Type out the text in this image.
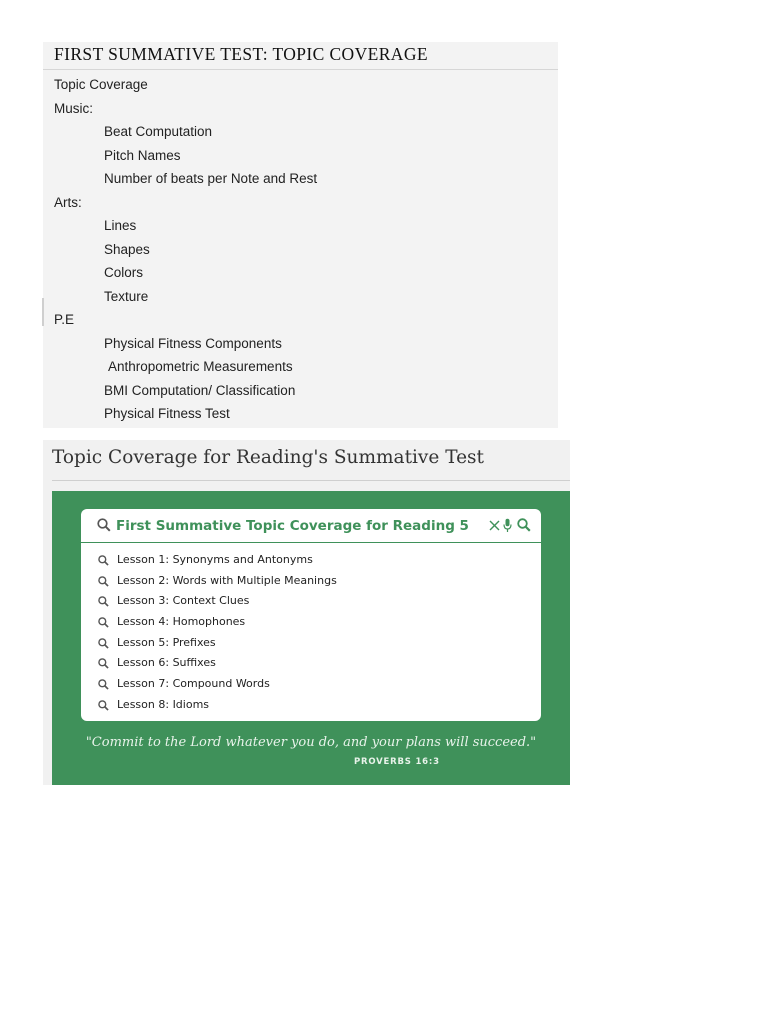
FIRST SUMMATIVE TEST: TOPIC COVERAGE
Topic Coverage
Music:
Beat Computation
Pitch Names
Number of beats per Note and Rest
Arts:
Lines
Shapes
Colors
Texture
P.E
Physical Fitness Components
Anthropometric Measurements
BMI Computation/ Classification
Physical Fitness Test
Topic Coverage for Reading's Summative Test
First Summative Topic Coverage for Reading 5
Lesson 1: Synonyms and Antonyms
Lesson 2: Words with Multiple Meanings
Lesson 3: Context Clues
Lesson 4: Homophones
Lesson 5: Prefixes
Lesson 6: Suffixes
Lesson 7: Compound Words
Lesson 8: Idioms
"Commit to the Lord whatever you do, and your plans will succeed."
PROVERBS 16:3
